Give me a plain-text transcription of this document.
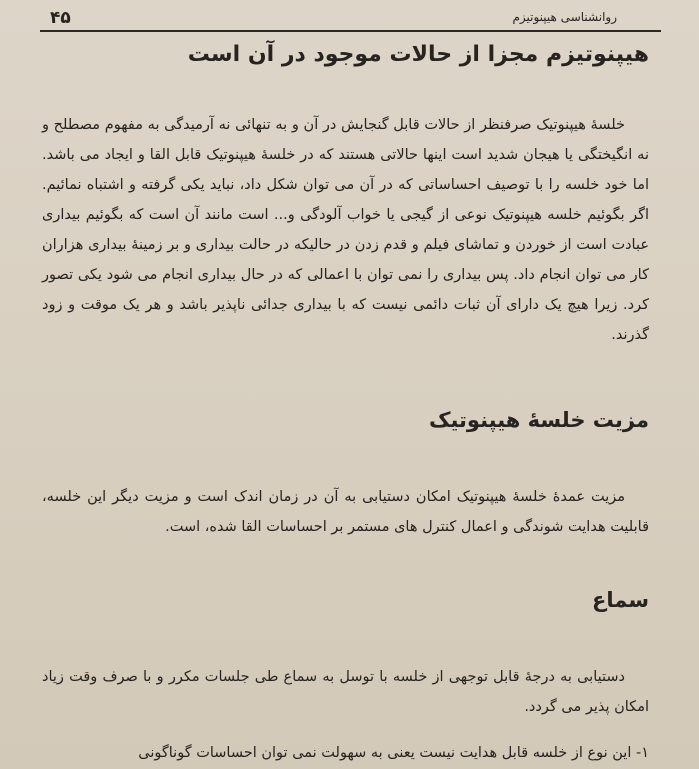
۴۵	روانشناسی هیپنوتیزم
هیپنوتیزم مجزا از حالات موجود در آن است

خلسهٔ هیپنوتیک صرفنظر از حالات قابل گنجایش در آن و به تنهائی نه آرمیدگی به مفهوم مصطلح و نه انگیختگی یا هیجان شدید است اینها حالاتی هستند که در خلسهٔ هیپنوتیک قابل القا و ایجاد می باشد. اما خود خلسه را با توصیف احساساتی که در آن می توان شکل داد، نباید یکی گرفته و اشتباه نمائیم. اگر بگوئیم خلسه هیپنوتیک نوعی از گیجی یا خواب آلودگی و... است مانند آن است که بگوئیم بیداری عبادت است از خوردن و تماشای فیلم و قدم زدن در حالیکه در حالت بیداری و بر زمینهٔ بیداری هزاران کار می توان انجام داد. پس بیداری را نمی توان با اعمالی که در حال بیداری انجام می شود یکی تصور کرد. زیرا هیچ یک دارای آن ثبات دائمی نیست که با بیداری جدائی ناپذیر باشد و هر یک موقت و زود گذرند.

مزیت خلسهٔ هیپنوتیک

مزیت عمدهٔ خلسهٔ هیپنوتیک امکان دستیابی به آن در زمان اندک است و مزیت دیگر این خلسه، قابلیت هدایت شوندگی و اعمال کنترل های مستمر بر احساسات القا شده، است.

سماع

دستیابی به درجهٔ قابل توجهی از خلسه با توسل به سماع طی جلسات مکرر و با صرف وقت زیاد امکان پذیر می گردد.

۱- این نوع از خلسه قابل هدایت نیست یعنی به سهولت نمی توان احساسات گوناگونی
